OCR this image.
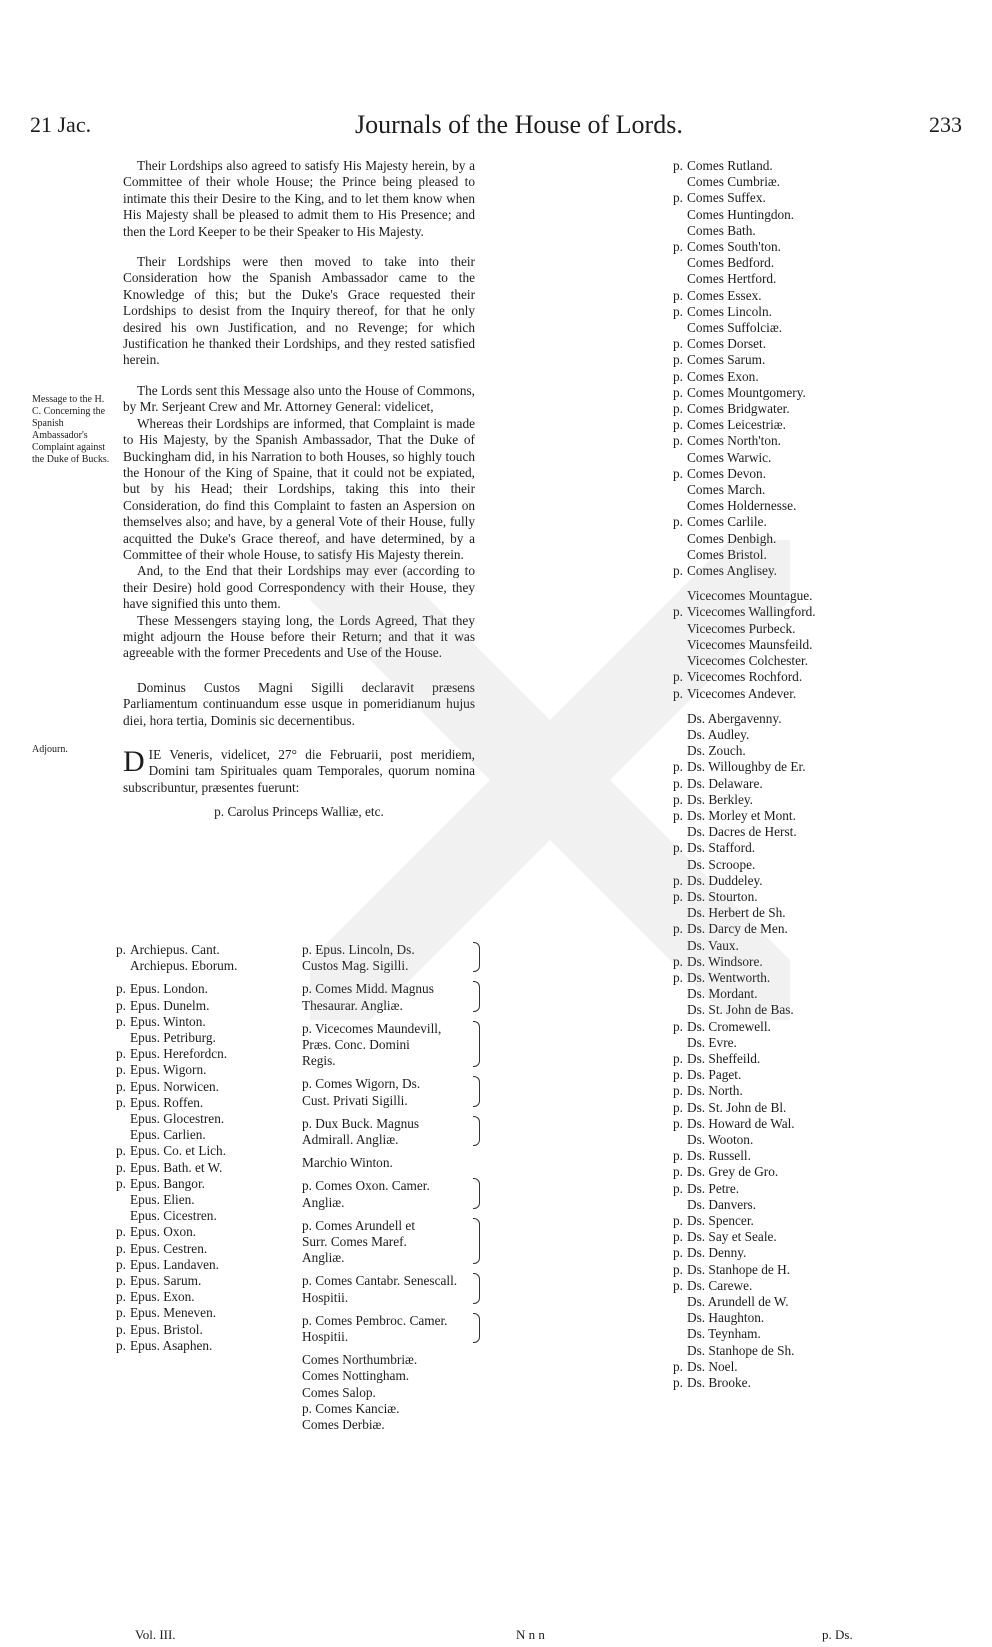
21 Jac.	Journals of the House of Lords.	233
Message to the H. C. Concerning the Spanish Ambassador's Complaint against the Duke of Bucks.
Adjourn.

Their Lordships also agreed to satisfy His Majesty herein, by a Committee of their whole House; the Prince being pleased to intimate this their Desire to the King, and to let them know when His Majesty shall be pleased to admit them to His Presence; and then the Lord Keeper to be their Speaker to His Majesty.

Their Lordships were then moved to take into their Consideration how the Spanish Ambassador came to the Knowledge of this; but the Duke's Grace requested their Lordships to desist from the Inquiry thereof, for that he only desired his own Justification, and no Revenge; for which Justification he thanked their Lordships, and they rested satisfied herein.

The Lords sent this Message also unto the House of Commons, by Mr. Serjeant Crew and Mr. Attorney General: videlicet,

Whereas their Lordships are informed, that Complaint is made to His Majesty, by the Spanish Ambassador, That the Duke of Buckingham did, in his Narration to both Houses, so highly touch the Honour of the King of Spaine, that it could not be expiated, but by his Head; their Lordships, taking this into their Consideration, do find this Complaint to fasten an Aspersion on themselves also; and have, by a general Vote of their House, fully acquitted the Duke's Grace thereof, and have determined, by a Committee of their whole House, to satisfy His Majesty therein.

And, to the End that their Lordships may ever (according to their Desire) hold good Correspondency with their House, they have signified this unto them.

These Messengers staying long, the Lords Agreed, That they might adjourn the House before their Return; and that it was agreeable with the former Precedents and Use of the House.

Dominus Custos Magni Sigilli declaravit præsens Parliamentum continuandum esse usque in pomeridianum hujus diei, hora tertia, Dominis sic decernentibus.

D IE Veneris, videlicet, 27° die Februarii, post meridiem, Domini tam Spirituales quam Temporales, quorum nomina subscribuntur, præsentes fuerunt:
p. Carolus Princeps Walliæ, etc.
p. Archiepus. Cant.
Archiepus. Eborum.
p. Epus. London.
p. Epus. Dunelm.
p. Epus. Winton.
Epus. Petriburg.
p. Epus. Herefordcn.
p. Epus. Wigorn.
p. Epus. Norwicen.
p. Epus. Roffen.
Epus. Glocestren.
Epus. Carlien.
p. Epus. Co. et Lich.
p. Epus. Bath. et W.
p. Epus. Bangor.
Epus. Elien.
Epus. Cicestren.
p. Epus. Oxon.
p. Epus. Cestren.
p. Epus. Landaven.
p. Epus. Sarum.
p. Epus. Exon.
p. Epus. Meneven.
p. Epus. Bristol.
p. Epus. Asaphen.
p. Epus. Lincoln, Ds.
Custos Mag. Sigilli.
p. Comes Midd. Magnus
Thesaurar. Angliæ.
p. Vicecomes Maundevill,
Præs. Conc. Domini
Regis.
p. Comes Wigorn, Ds.
Cust. Privati Sigilli.
p. Dux Buck. Magnus
Admirall. Angliæ.
Marchio Winton.
p. Comes Oxon. Camer.
Angliæ.
p. Comes Arundell et
Surr. Comes Maref.
Angliæ.
p. Comes Cantabr. Senescall. Hospitii.
p. Comes Pembroc. Camer. Hospitii.
Comes Northumbriæ.
Comes Nottingham.
Comes Salop.
p. Comes Kanciæ.
Comes Derbiæ.
p. Comes Rutland.
Comes Cumbriæ.
p. Comes Suffex.
Comes Huntingdon.
Comes Bath.
p. Comes South'ton.
Comes Bedford.
Comes Hertford.
p. Comes Essex.
p. Comes Lincoln.
Comes Suffolciæ.
p. Comes Dorset.
p. Comes Sarum.
p. Comes Exon.
p. Comes Mountgomery.
p. Comes Bridgwater.
p. Comes Leicestriæ.
p. Comes North'ton.
Comes Warwic.
p. Comes Devon.
Comes March.
Comes Holdernesse.
p. Comes Carlile.
Comes Denbigh.
Comes Bristol.
p. Comes Anglisey.
Vicecomes Mountague.
p. Vicecomes Wallingford.
Vicecomes Purbeck.
Vicecomes Maunsfeild.
Vicecomes Colchester.
p. Vicecomes Rochford.
p. Vicecomes Andever.
Ds. Abergavenny.
Ds. Audley.
Ds. Zouch.
p. Ds. Willoughby de Er.
p. Ds. Delaware.
p. Ds. Berkley.
p. Ds. Morley et Mont.
Ds. Dacres de Herst.
p. Ds. Stafford.
Ds. Scroope.
p. Ds. Duddeley.
p. Ds. Stourton.
Ds. Herbert de Sh.
p. Ds. Darcy de Men.
Ds. Vaux.
p. Ds. Windsore.
p. Ds. Wentworth.
Ds. Mordant.
Ds. St. John de Bas.
p. Ds. Cromewell.
Ds. Evre.
p. Ds. Sheffeild.
p. Ds. Paget.
p. Ds. North.
p. Ds. St. John de Bl.
p. Ds. Howard de Wal.
Ds. Wooton.
p. Ds. Russell.
p. Ds. Grey de Gro.
p. Ds. Petre.
Ds. Danvers.
p. Ds. Spencer.
p. Ds. Say et Seale.
p. Ds. Denny.
p. Ds. Stanhope de H.
p. Ds. Carewe.
Ds. Arundell de W.
Ds. Haughton.
Ds. Teynham.
Ds. Stanhope de Sh.
p. Ds. Noel.
p. Ds. Brooke.
Vol. III.	N n n	p. Ds.
